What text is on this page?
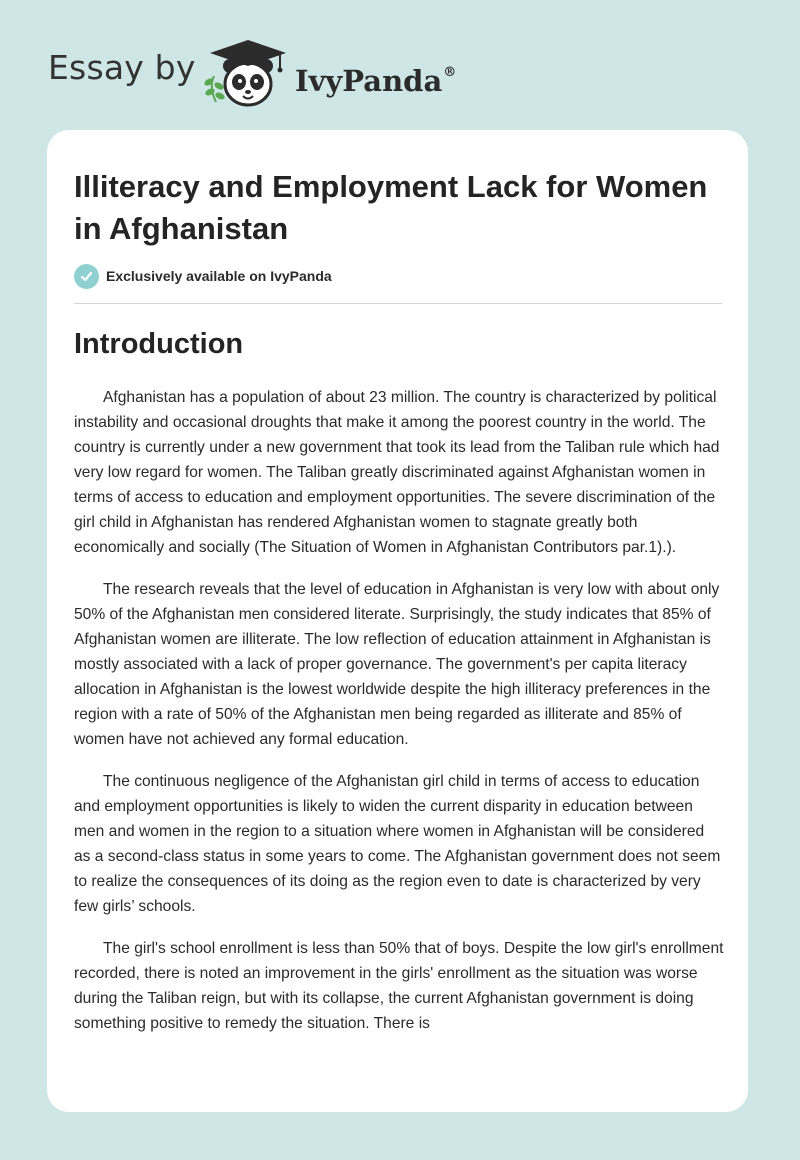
Essay by	IvyPanda®
Illiteracy and Employment Lack for Women in Afghanistan
Exclusively available on IvyPanda
Introduction

Afghanistan has a population of about 23 million. The country is characterized by political instability and occasional droughts that make it among the poorest country in the world. The country is currently under a new government that took its lead from the Taliban rule which had very low regard for women. The Taliban greatly discriminated against Afghanistan women in terms of access to education and employment opportunities. The severe discrimination of the girl child in Afghanistan has rendered Afghanistan women to stagnate greatly both economically and socially (The Situation of Women in Afghanistan Contributors par.1).).

The research reveals that the level of education in Afghanistan is very low with about only 50% of the Afghanistan men considered literate. Surprisingly, the study indicates that 85% of Afghanistan women are illiterate. The low reflection of education attainment in Afghanistan is mostly associated with a lack of proper governance. The government's per capita literacy allocation in Afghanistan is the lowest worldwide despite the high illiteracy preferences in the region with a rate of 50% of the Afghanistan men being regarded as illiterate and 85% of women have not achieved any formal education.

The continuous negligence of the Afghanistan girl child in terms of access to education and employment opportunities is likely to widen the current disparity in education between men and women in the region to a situation where women in Afghanistan will be considered as a second-class status in some years to come. The Afghanistan government does not seem to realize the consequences of its doing as the region even to date is characterized by very few girls’ schools.

The girl's school enrollment is less than 50% that of boys. Despite the low girl's enrollment recorded, there is noted an improvement in the girls' enrollment as the situation was worse during the Taliban reign, but with its collapse, the current Afghanistan government is doing something positive to remedy the situation. There is
